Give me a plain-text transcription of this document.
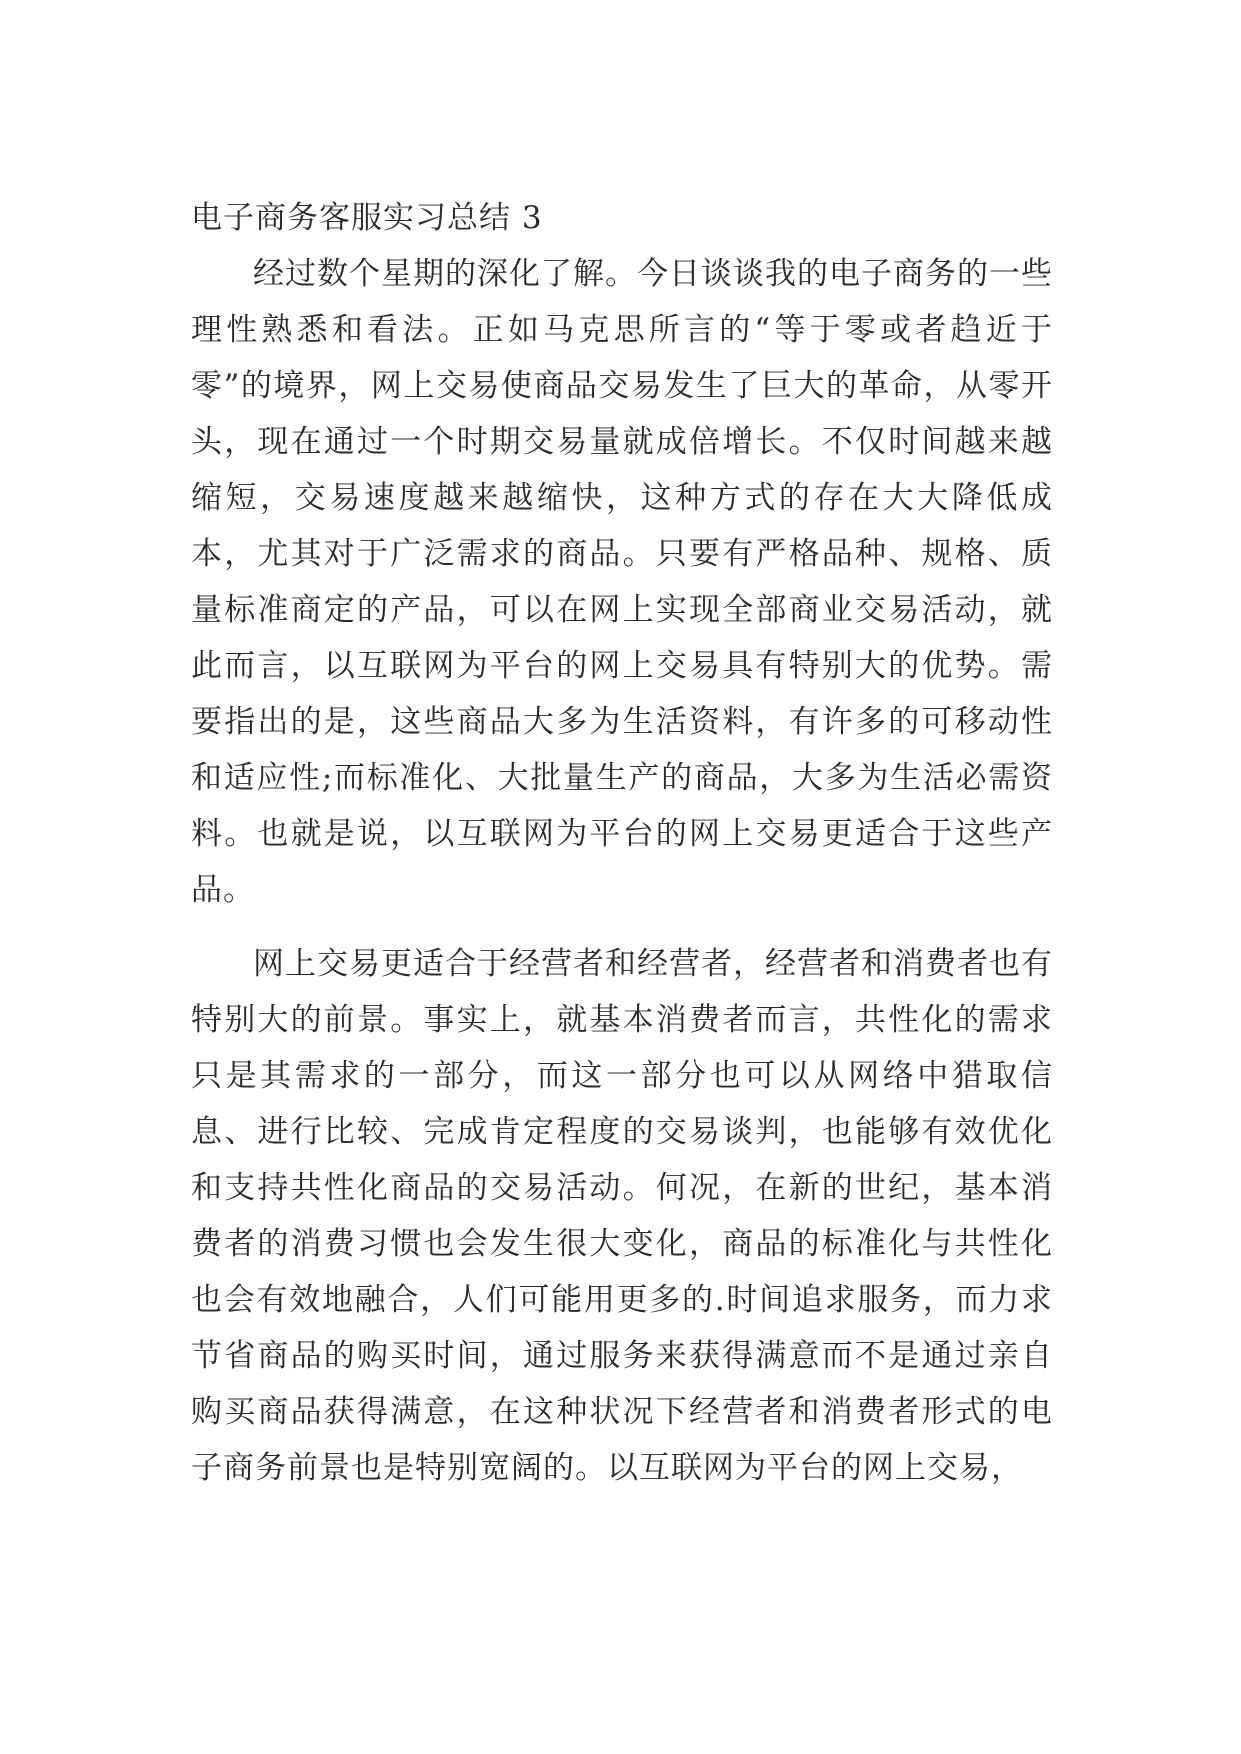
电子商务客服实习总结 3

经过数个星期的深化了解。今日谈谈我的电子商务的一些理性熟悉和看法。正如马克思所言的“等于零或者趋近于零”的境界，网上交易使商品交易发生了巨大的革命，从零开头，现在通过一个时期交易量就成倍增长。不仅时间越来越缩短，交易速度越来越缩快，这种方式的存在大大降低成本，尤其对于广泛需求的商品。只要有严格品种、规格、质量标准商定的产品，可以在网上实现全部商业交易活动，就此而言，以互联网为平台的网上交易具有特别大的优势。需要指出的是，这些商品大多为生活资料，有许多的可移动性和适应性;而标准化、大批量生产的商品，大多为生活必需资料。也就是说，以互联网为平台的网上交易更适合于这些产品。

网上交易更适合于经营者和经营者，经营者和消费者也有特别大的前景。事实上，就基本消费者而言，共性化的需求只是其需求的一部分，而这一部分也可以从网络中猎取信息、进行比较、完成肯定程度的交易谈判，也能够有效优化和支持共性化商品的交易活动。何况，在新的世纪，基本消费者的消费习惯也会发生很大变化，商品的标准化与共性化也会有效地融合，人们可能用更多的.时间追求服务，而力求节省商品的购买时间，通过服务来获得满意而不是通过亲自购买商品获得满意，在这种状况下经营者和消费者形式的电子商务前景也是特别宽阔的。以互联网为平台的网上交易，
